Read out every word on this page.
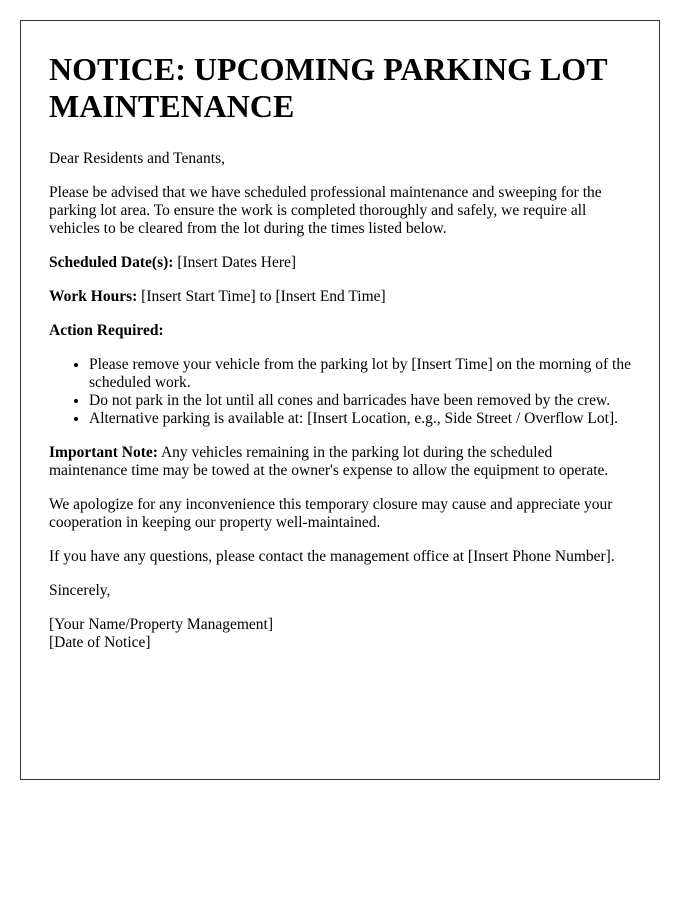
NOTICE: UPCOMING PARKING LOT MAINTENANCE

Dear Residents and Tenants,

Please be advised that we have scheduled professional maintenance and sweeping for the parking lot area. To ensure the work is completed thoroughly and safely, we require all vehicles to be cleared from the lot during the times listed below.

Scheduled Date(s): [Insert Dates Here]

Work Hours: [Insert Start Time] to [Insert End Time]

Action Required:

• Please remove your vehicle from the parking lot by [Insert Time] on the morning of the scheduled work.
• Do not park in the lot until all cones and barricades have been removed by the crew.
• Alternative parking is available at: [Insert Location, e.g., Side Street / Overflow Lot].

Important Note: Any vehicles remaining in the parking lot during the scheduled maintenance time may be towed at the owner's expense to allow the equipment to operate.

We apologize for any inconvenience this temporary closure may cause and appreciate your cooperation in keeping our property well-maintained.

If you have any questions, please contact the management office at [Insert Phone Number].

Sincerely,

[Your Name/Property Management]

[Date of Notice]
